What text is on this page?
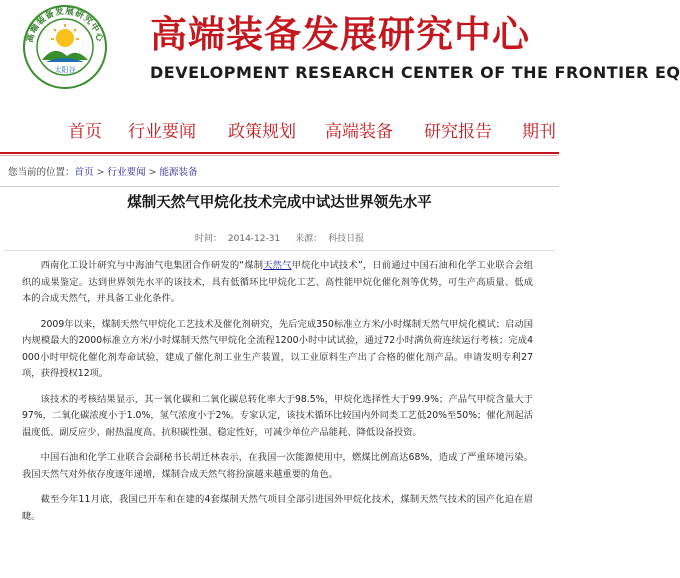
高端装备发展研究中心
太阳谷
高端装备发展研究中心
DEVELOPMENT RESEARCH CENTER OF THE FRONTIER EQ
首页 行业要闻 政策规划 高端装备 研究报告 期刊
您当前的位置：首页 > 行业要闻 > 能源装备
煤制天然气甲烷化技术完成中试达世界领先水平
时间： 2014-12-31 来源： 科技日报

西南化工设计研究与中海油气电集团合作研发的“煤制天然气甲烷化中试技术”，日前通过中国石油和化学工业联合会组织的成果鉴定。达到世界领先水平的该技术，具有低循环比甲烷化工艺、高性能甲烷化催化剂等优势，可生产高质量、低成本的合成天然气，并具备工业化条件。

2009年以来，煤制天然气甲烷化工艺技术及催化剂研究，先后完成350标准立方米/小时煤制天然气甲烷化模试；启动国内规模最大的2000标准立方米/小时煤制天然气甲烷化全流程1200小时中试试验，通过72小时满负荷连续运行考核；完成4000小时甲烷化催化剂寿命试验，建成了催化剂工业生产装置，以工业原料生产出了合格的催化剂产品。申请发明专利27项，获得授权12项。

该技术的考核结果显示，其一氧化碳和二氧化碳总转化率大于98.5%，甲烷化选择性大于99.9%；产品气甲烷含量大于97%，二氧化碳浓度小于1.0%，氢气浓度小于2%。专家认定，该技术循环比较国内外同类工艺低20%至50%；催化剂起活温度低、副反应少、耐热温度高、抗积碳性强、稳定性好，可减少单位产品能耗、降低设备投资。

中国石油和化学工业联合会副秘书长胡迁林表示，在我国一次能源使用中，燃煤比例高达68%，造成了严重环境污染。我国天然气对外依存度逐年递增，煤制合成天然气将扮演越来越重要的角色。

截至今年11月底，我国已开车和在建的4套煤制天然气项目全部引进国外甲烷化技术，煤制天然气技术的国产化迫在眉睫。
